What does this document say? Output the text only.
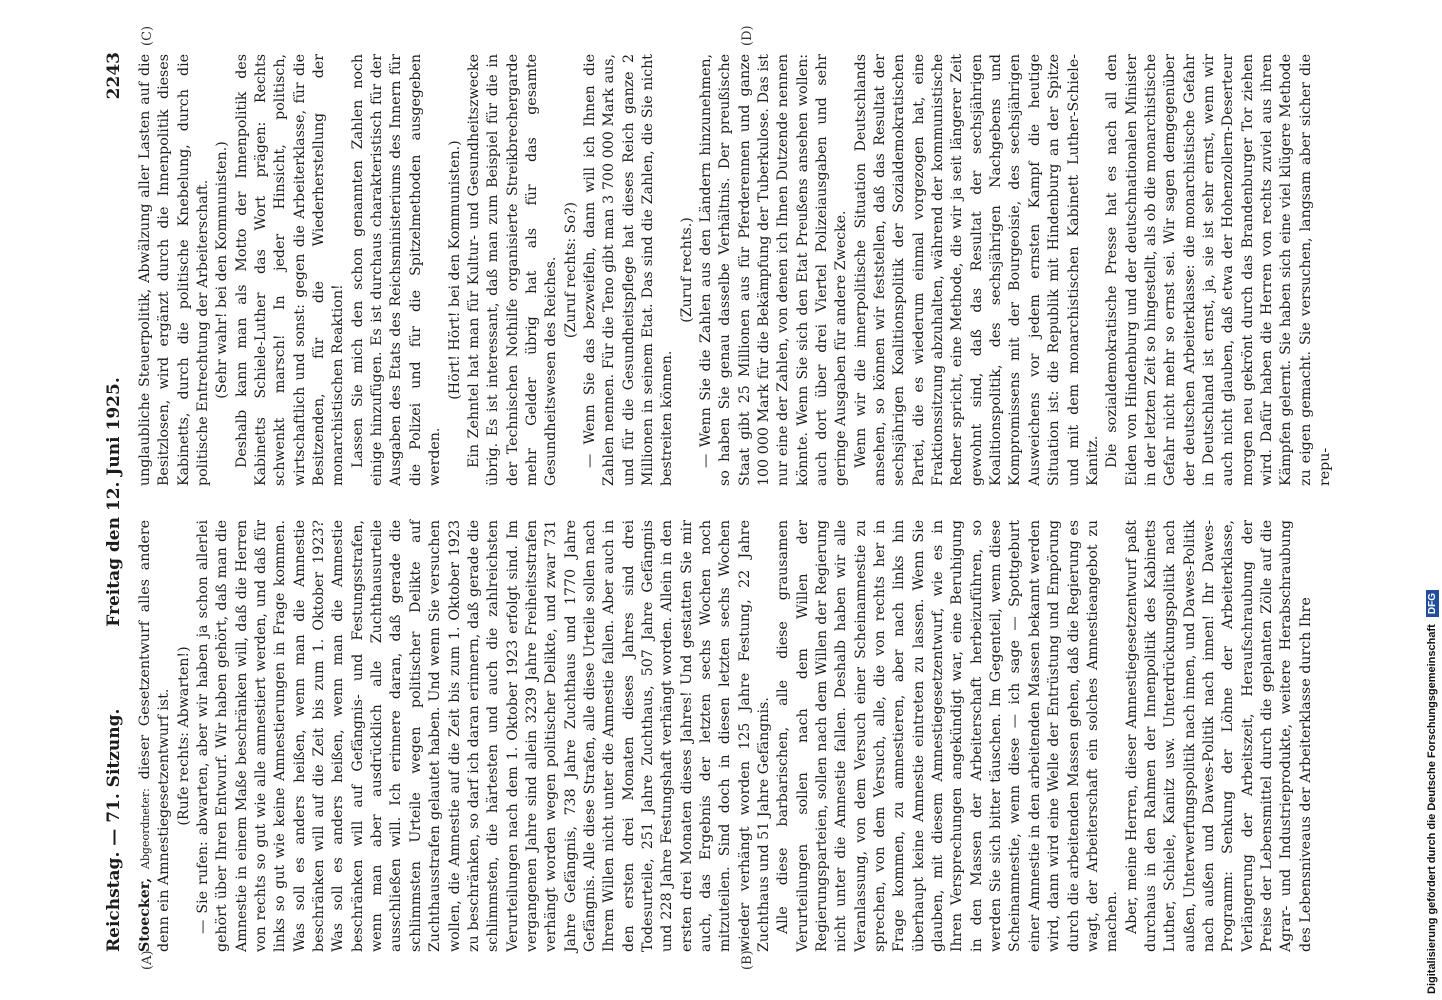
Reichstag. — 71. Sitzung.
Freitag den 12. Juni 1925.
2243
(A)	(B)
(C)	(D)

Stoecker, Abgeordneter: dieser Gesetzentwurf alles andere denn ein Amnestiegesetzentwurf ist. (Rufe rechts: Abwarten!) — Sie rufen: abwarten, aber wir haben ja schon allerlei gehört über Ihren Entwurf. Wir haben gehört, daß man die Amnestie in einem Maße beschränken will, daß die Herren von rechts so gut wie alle amnestiert werden, und daß für links so gut wie keine Amnestierungen in Frage kommen. Was soll es anders heißen, wenn man die Amnestie beschränken will auf die Zeit bis zum 1. Oktober 1923? Was soll es anders heißen, wenn man die Amnestie beschränken will auf Gefängnis- und Festungsstrafen, wenn man aber ausdrücklich alle Zuchthausurteile ausschließen will. Ich erinnere daran, daß gerade die schlimmsten Urteile wegen politischer Delikte auf Zuchthausstrafen gelautet haben. Und wenn Sie versuchen wollen, die Amnestie auf die Zeit bis zum 1. Oktober 1923 zu beschränken, so darf ich daran erinnern, daß gerade die schlimmsten, die härtesten und auch die zahlreichsten Verurteilungen nach dem 1. Oktober 1923 erfolgt sind. Im vergangenen Jahre sind allein 3239 Jahre Freiheitsstrafen verhängt worden wegen politischer Delikte, und zwar 731 Jahre Gefängnis, 738 Jahre Zuchthaus und 1770 Jahre Gefängnis. Alle diese Strafen, alle diese Urteile sollen nach Ihrem Willen nicht unter die Amnestie fallen. Aber auch in den ersten drei Monaten dieses Jahres sind drei Todesurteile, 251 Jahre Zuchthaus, 507 Jahre Gefängnis und 228 Jahre Festungshaft verhängt worden. Allein in den ersten drei Monaten dieses Jahres! Und gestatten Sie mir auch, das Ergebnis der letzten sechs Wochen noch mitzuteilen. Sind doch in diesen letzten sechs Wochen wieder verhängt worden 125 Jahre Festung, 22 Jahre Zuchthaus und 51 Jahre Gefängnis. Alle diese barbarischen, alle diese grausamen Verurteilungen sollen nach dem Willen der Regierungsparteien, sollen nach dem Willen der Regierung nicht unter die Amnestie fallen. Deshalb haben wir alle Veranlassung, von dem Versuch einer Scheinamnestie zu sprechen, von dem Versuch, alle, die von rechts her in Frage kommen, zu amnestieren, aber nach links hin überhaupt keine Amnestie eintreten zu lassen. Wenn Sie glauben, mit diesem Amnestiegesetzentwurf, wie es in Ihren Versprechungen angekündigt war, eine Beruhigung in den Massen der Arbeiterschaft herbeizuführen, so werden Sie sich bitter täuschen. Im Gegenteil, wenn diese Scheinamnestie, wenn diese — ich sage — Spottgeburt einer Amnestie in den arbeitenden Massen bekannt werden wird, dann wird eine Welle der Entrüstung und Empörung durch die arbeitenden Massen gehen, daß die Regierung es wagt, der Arbeiterschaft ein solches Amnestieangebot zu machen. Aber, meine Herren, dieser Amnestiegesetzentwurf paßt durchaus in den Rahmen der Innenpolitik des Kabinetts Luther, Schiele, Kanitz usw. Unterdrückungspolitik nach außen, Unterwerfungspolitik nach innen, und Dawes-Politik nach außen und Dawes-Politik nach innen! Ihr Dawes-Programm: Senkung der Löhne der Arbeiterklasse, Verlängerung der Arbeitszeit, Heraufschraubung der Preise der Lebensmittel durch die geplanten Zölle auf die Agrar- und Industrieprodukte, weitere Herabschraubung des Lebensniveaus der Arbeiterklasse durch Ihre

unglaubliche Steuerpolitik, Abwälzung aller Lasten auf die Besitzlosen, wird ergänzt durch die Innenpolitik dieses Kabinetts, durch die politische Knebelung, durch die politische Entrechtung der Arbeiterschaft. (Sehr wahr! bei den Kommunisten.) Deshalb kann man als Motto der Innenpolitik des Kabinetts Schiele-Luther das Wort prägen: Rechts schwenkt marsch! In jeder Hinsicht, politisch, wirtschaftlich und sonst: gegen die Arbeiterklasse, für die Besitzenden, für die Wiederherstellung der monarchistischen Reaktion! Lassen Sie mich den schon genannten Zahlen noch einige hinzufügen. Es ist durchaus charakteristisch für der Ausgaben des Etats des Reichsministeriums des Innern für die Polizei und für die Spitzelmethoden ausgegeben werden.

(Hört! Hört! bei den Kommunisten.) Ein Zehntel hat man für Kultur- und Gesundheitszwecke übrig. Es ist interessant, daß man zum Beispiel für die in der Technischen Nothilfe organisierte Streikbrechergarde mehr Gelder übrig hat als für das gesamte Gesundheitswesen des Reiches. (Zuruf rechts: So?) — Wenn Sie das bezweifeln, dann will ich Ihnen die Zahlen nennen. Für die Teno gibt man 3 700 000 Mark aus, und für die Gesundheitspflege hat dieses Reich ganze 2 Millionen in seinem Etat. Das sind die Zahlen, die Sie nicht bestreiten können.

(Zuruf rechts.) — Wenn Sie die Zahlen aus den Ländern hinzunehmen, so haben Sie genau dasselbe Verhältnis. Der preußische Staat gibt 25 Millionen aus für Pferderennen und ganze 100 000 Mark für die Bekämpfung der Tuberkulose. Das ist nur eine der Zahlen, von denen ich Ihnen Dutzende nennen könnte. Wenn Sie sich den Etat Preußens ansehen wollen: auch dort über drei Viertel Polizeiausgaben und sehr geringe Ausgaben für andere Zwecke. Wenn wir die innerpolitische Situation Deutschlands ansehen, so können wir feststellen, daß das Resultat der sechsjährigen Koalitionspolitik der Sozialdemokratischen Partei, die es wiederum einmal vorgezogen hat, eine Fraktionssitzung abzuhalten, während der kommunistische Redner spricht, eine Methode, die wir ja seit längerer Zeit gewohnt sind, daß das Resultat der sechsjährigen Koalitionspolitik, des sechsjährigen Nachgebens und Kompromissens mit der Bourgeoisie, des sechsjährigen Ausweichens vor jedem ernsten Kampf die heutige Situation ist: die Republik mit Hindenburg an der Spitze und mit dem monarchistischen Kabinett Luther-Schiele-Kanitz. Die sozialdemokratische Presse hat es nach all den Eiden von Hindenburg und der deutschnationalen Minister in der letzten Zeit so hingestellt, als ob die monarchistische Gefahr nicht mehr so ernst sei. Wir sagen demgegenüber der deutschen Arbeiterklasse: die monarchistische Gefahr in Deutschland ist ernst, ja, sie ist sehr ernst, wenn wir auch nicht glauben, daß etwa der Hohenzollern-Deserteur morgen neu gekrönt durch das Brandenburger Tor ziehen wird. Dafür haben die Herren von rechts zuviel aus ihren Kämpfen gelernt. Sie haben sich eine viel klügere Methode zu eigen gemacht. Sie versuchen, langsam aber sicher die repu-

Digitalisierung gefördert durch die Deutsche Forschungsgemeinschaft DFG
